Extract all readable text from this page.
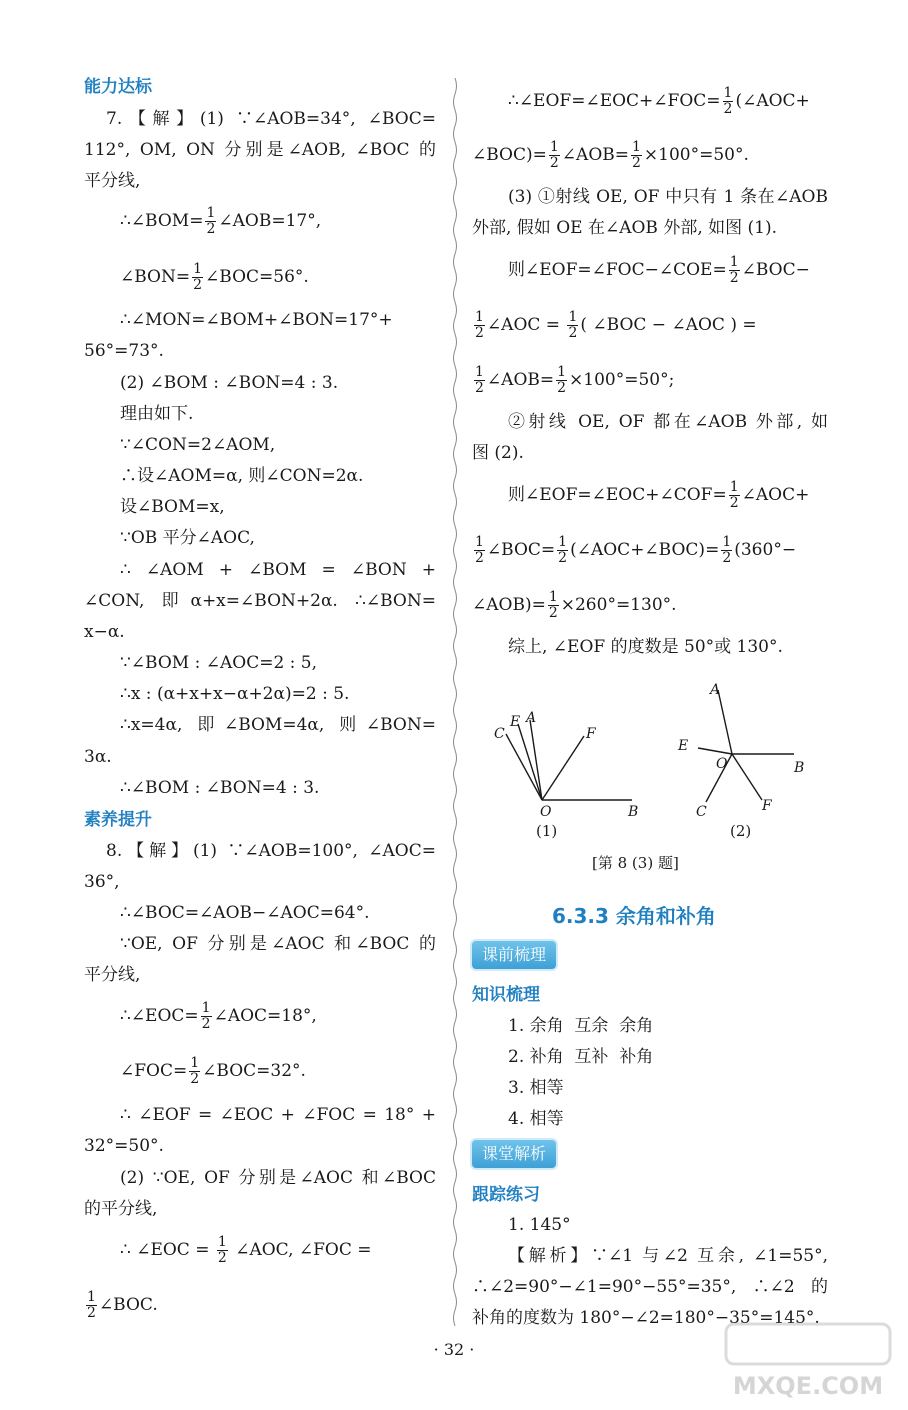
能力达标
7.【解】(1) ∵∠AOB=34°, ∠BOC=
112°, OM, ON 分别是∠AOB, ∠BOC 的
平分线,
∴∠BOM= $\frac{1}{2}$ ∠AOB=17°,
∠BON= $\frac{1}{2}$ ∠BOC=56°.
∴∠MON=∠BOM+∠BON=17°+
56°=73°.
(2) ∠BOM : ∠BON=4 : 3.
理由如下.
∵∠CON=2∠AOM,
∴设∠AOM=α, 则∠CON=2α.
设∠BOM=x,
∵OB 平分∠AOC,
∴ ∠AOM + ∠BOM = ∠BON +
∠CON, 即α+x=∠BON+2α. ∴∠BON=
x−α.
∵∠BOM : ∠AOC=2 : 5,
∴x : (α+x+x−α+2α)=2 : 5.
∴x=4α, 即∠BOM=4α, 则∠BON=
3α.
∴∠BOM : ∠BON=4 : 3.
素养提升
8.【解】(1) ∵∠AOB=100°, ∠AOC=
36°,
∴∠BOC=∠AOB−∠AOC=64°.
∵OE, OF 分别是∠AOC 和∠BOC 的
平分线,
∴∠EOC= $\frac{1}{2}$ ∠AOC=18°,
∠FOC= $\frac{1}{2}$ ∠BOC=32°.
∴ ∠EOF = ∠EOC + ∠FOC = 18° +
32°=50°.
(2) ∵OE, OF 分别是∠AOC 和∠BOC
的平分线,
∴ ∠EOC = $\frac{1}{2}$ ∠AOC, ∠FOC =
$\frac{1}{2}$ ∠BOC.
∴∠EOF=∠EOC+∠FOC= $\frac{1}{2}$ (∠AOC+
∠BOC)= $\frac{1}{2}$ ∠AOB= $\frac{1}{2} \times 100^\circ=50^\circ$.
(3) ①射线 OE, OF 中只有 1 条在∠AOB
外部, 假如 OE 在∠AOB 外部, 如图 (1).
则∠EOF=∠FOC−∠COE= $\frac{1}{2}$ ∠BOC−
$\frac{1}{2}$ ∠AOC = $\frac{1}{2}$ ( ∠BOC − ∠AOC ) =
$\frac{1}{2}$ ∠AOB= $\frac{1}{2} \times 100^\circ=50^\circ$;
②射线 OE, OF 都在∠AOB 外部, 如
图 (2).
则∠EOF=∠EOC+∠COF= $\frac{1}{2}$ ∠AOC+
$\frac{1}{2}$ ∠BOC= $\frac{1}{2}$ (∠AOC+∠BOC)= $\frac{1}{2} (360^\circ-$
∠AOB)= $\frac{1}{2} \times 260^\circ=130^\circ$.
综上, ∠EOF 的度数是 50°或 130°.
知识梳理
1. 余角  互余  余角
2. 补角  互补  补角
3. 相等
4. 相等
跟踪练习
1. 145°
【解析】∵∠1 与∠2 互余, ∠1=55°,
∴∠2=90°−∠1=90°−55°=35°, ∴∠2 的
补角的度数为 180°−∠2=180°−35°=145°.
C
E A
F
O	B
(1)
A
E
O	B
C	F
(2)
[第 8 (3) 题]
6.3.3 余角和补角
课前梳理
课堂解析
· 32 ·
MXQE.COM
